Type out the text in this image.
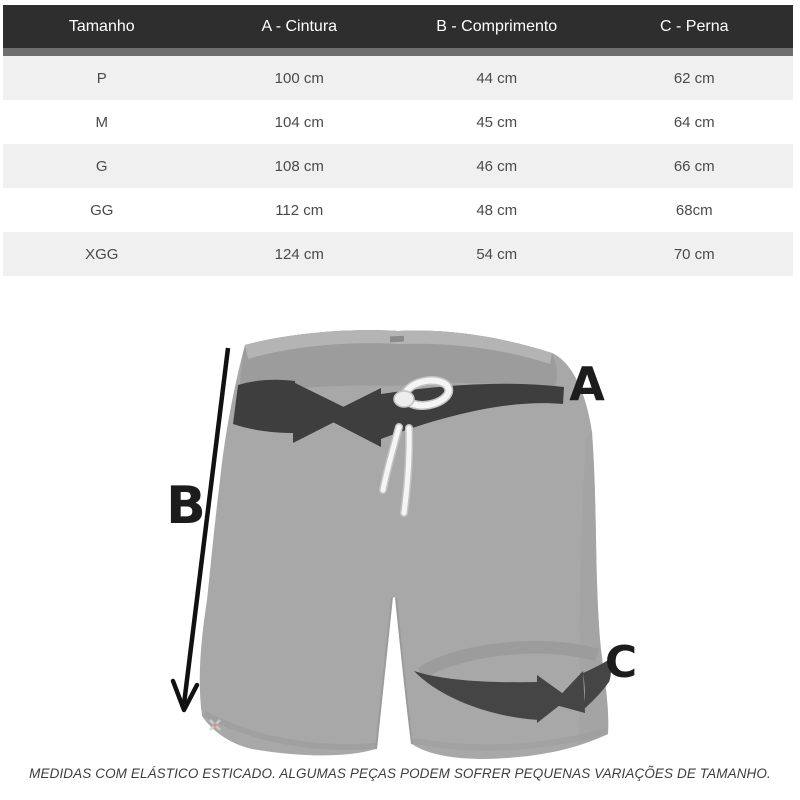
Tamanho	A - Cintura	B - Comprimento	C - Perna
P	100 cm	44 cm	62 cm
M	104 cm	45 cm	64 cm
G	108 cm	46 cm	66 cm
GG	112 cm	48 cm	68cm
XGG	124 cm	54 cm	70 cm
A
B
C
MEDIDAS COM ELÁSTICO ESTICADO. ALGUMAS PEÇAS PODEM SOFRER PEQUENAS VARIAÇÕES DE TAMANHO.
